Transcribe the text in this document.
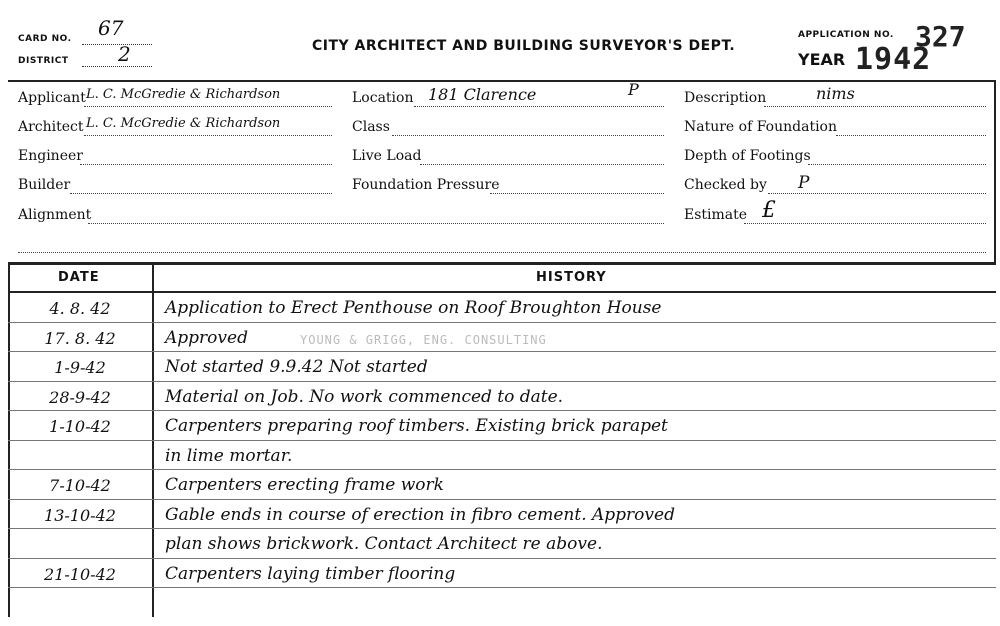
CARD NO. 67
DISTRICT 2	CITY ARCHITECT AND BUILDING SURVEYOR'S DEPT.
APPLICATION NO. 327
YEAR 1942
Applicant L. C. McGredie & Richardson	Location 181 Clarence	P	Description	nims
Architect L. C. McGredie & Richardson	Class	Nature of Foundation
Engineer	Live Load	Depth of Footings
Builder	Foundation Pressure	Checked by P
Alignment	Estimate £
DATE	HISTORY
4. 8. 42	Application to Erect Penthouse on Roof Broughton House
17. 8. 42	Approved
1-9-42	Not started 9.9.42 Not started
28-9-42	Material on Job. No work commenced to date.
1-10-42	Carpenters preparing roof timbers. Existing brick parapet
in lime mortar.
7-10-42	Carpenters erecting frame work
13-10-42	Gable ends in course of erection in fibro cement. Approved
plan shows brickwork. Contact Architect re above.
21-10-42	Carpenters laying timber flooring
YOUNG & GRIGG, ENG. CONSULTING
